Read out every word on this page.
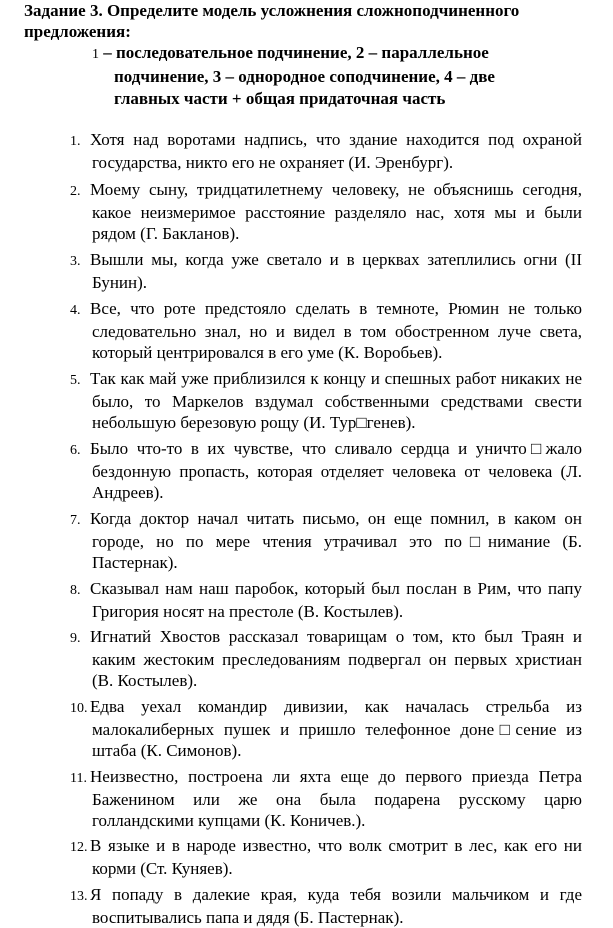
Задание 3. Определите модель усложнения сложноподчиненного предложения:
1 – последовательное подчинение, 2 – параллельное подчинение, 3 – однородное соподчинение, 4 – две главных части + общая придаточная часть
1. Хотя над воротами надпись, что здание находится под охраной государства, никто его не охраняет (И. Эренбург).
2. Моему сыну, тридцатилетнему человеку, не объяснишь сегодня, какое неизмеримое расстояние разделяло нас, хотя мы и были рядом (Г. Бакланов).
3. Вышли мы, когда уже светало и в церквах затеплились огни (II Бунин).
4. Все, что роте предстояло сделать в темноте, Рюмин не только следовательно знал, но и видел в том обостренном луче света, который центрировался в его уме (К. Воробьев).
5. Так как май уже приблизился к концу и спешных работ никаких не было, то Маркелов вздумал собственными средствами свести небольшую березовую рощу (И. Тур□генев).
6. Было что-то в их чувстве, что сливало сердца и уничто□жало бездонную пропасть, которая отделяет человека от человека (Л. Андреев).
7. Когда доктор начал читать письмо, он еще помнил, в каком он городе, но по мере чтения утрачивал это по□нимание (Б. Пастернак).
8. Сказывал нам наш паробок, который был послан в Рим, что папу Григория носят на престоле (В. Костылев).
9. Игнатий Хвостов рассказал товарищам о том, кто был Траян и каким жестоким преследованиям подвергал он первых христиан (В. Костылев).
10. Едва уехал командир дивизии, как началась стрельба из малокалиберных пушек и пришло телефонное доне□сение из штаба (К. Симонов).
11. Неизвестно, построена ли яхта еще до первого приезда Петра Баженином или же она была подарена русскому царю голландскими купцами (К. Коничев.).
12. В языке и в народе известно, что волк смотрит в лес, как его ни корми (Ст. Куняев).
13. Я попаду в далекие края, куда тебя возили мальчиком и где воспитывались папа и дядя (Б. Пастернак).
